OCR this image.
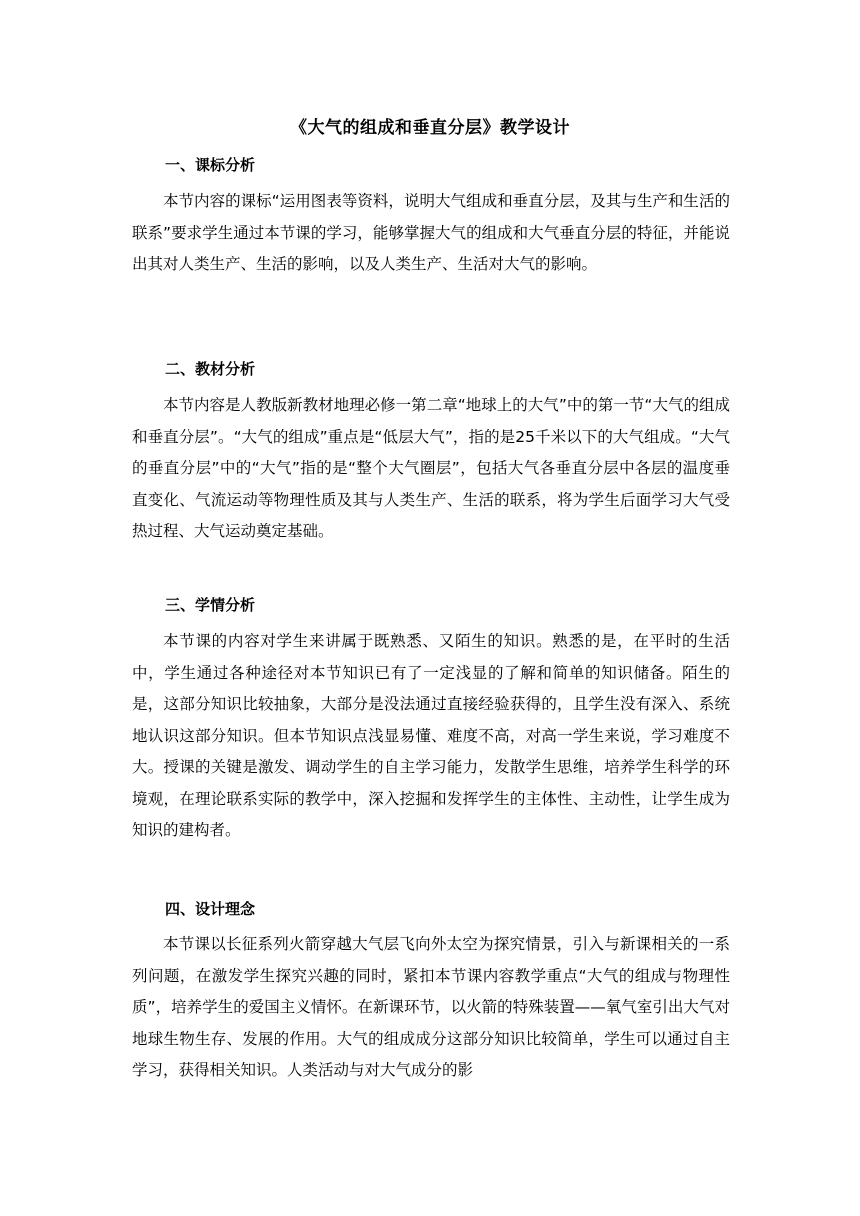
《大气的组成和垂直分层》教学设计
一、课标分析
本节内容的课标“运用图表等资料，说明大气组成和垂直分层，及其与生产和生活的联系”要求学生通过本节课的学习，能够掌握大气的组成和大气垂直分层的特征，并能说出其对人类生产、生活的影响，以及人类生产、生活对大气的影响。
二、教材分析
本节内容是人教版新教材地理必修一第二章“地球上的大气”中的第一节“大气的组成和垂直分层”。“大气的组成”重点是“低层大气”，指的是25千米以下的大气组成。“大气的垂直分层”中的“大气”指的是“整个大气圈层”，包括大气各垂直分层中各层的温度垂直变化、气流运动等物理性质及其与人类生产、生活的联系，将为学生后面学习大气受热过程、大气运动奠定基础。
三、学情分析
本节课的内容对学生来讲属于既熟悉、又陌生的知识。熟悉的是，在平时的生活中，学生通过各种途径对本节知识已有了一定浅显的了解和简单的知识储备。陌生的是，这部分知识比较抽象，大部分是没法通过直接经验获得的，且学生没有深入、系统地认识这部分知识。但本节知识点浅显易懂、难度不高，对高一学生来说，学习难度不大。授课的关键是激发、调动学生的自主学习能力，发散学生思维，培养学生科学的环境观，在理论联系实际的教学中，深入挖掘和发挥学生的主体性、主动性，让学生成为知识的建构者。
四、设计理念
本节课以长征系列火箭穿越大气层飞向外太空为探究情景，引入与新课相关的一系列问题，在激发学生探究兴趣的同时，紧扣本节课内容教学重点“大气的组成与物理性质”，培养学生的爱国主义情怀。在新课环节，以火箭的特殊装置——氧气室引出大气对地球生物生存、发展的作用。大气的组成成分这部分知识比较简单，学生可以通过自主学习，获得相关知识。人类活动与对大气成分的影
